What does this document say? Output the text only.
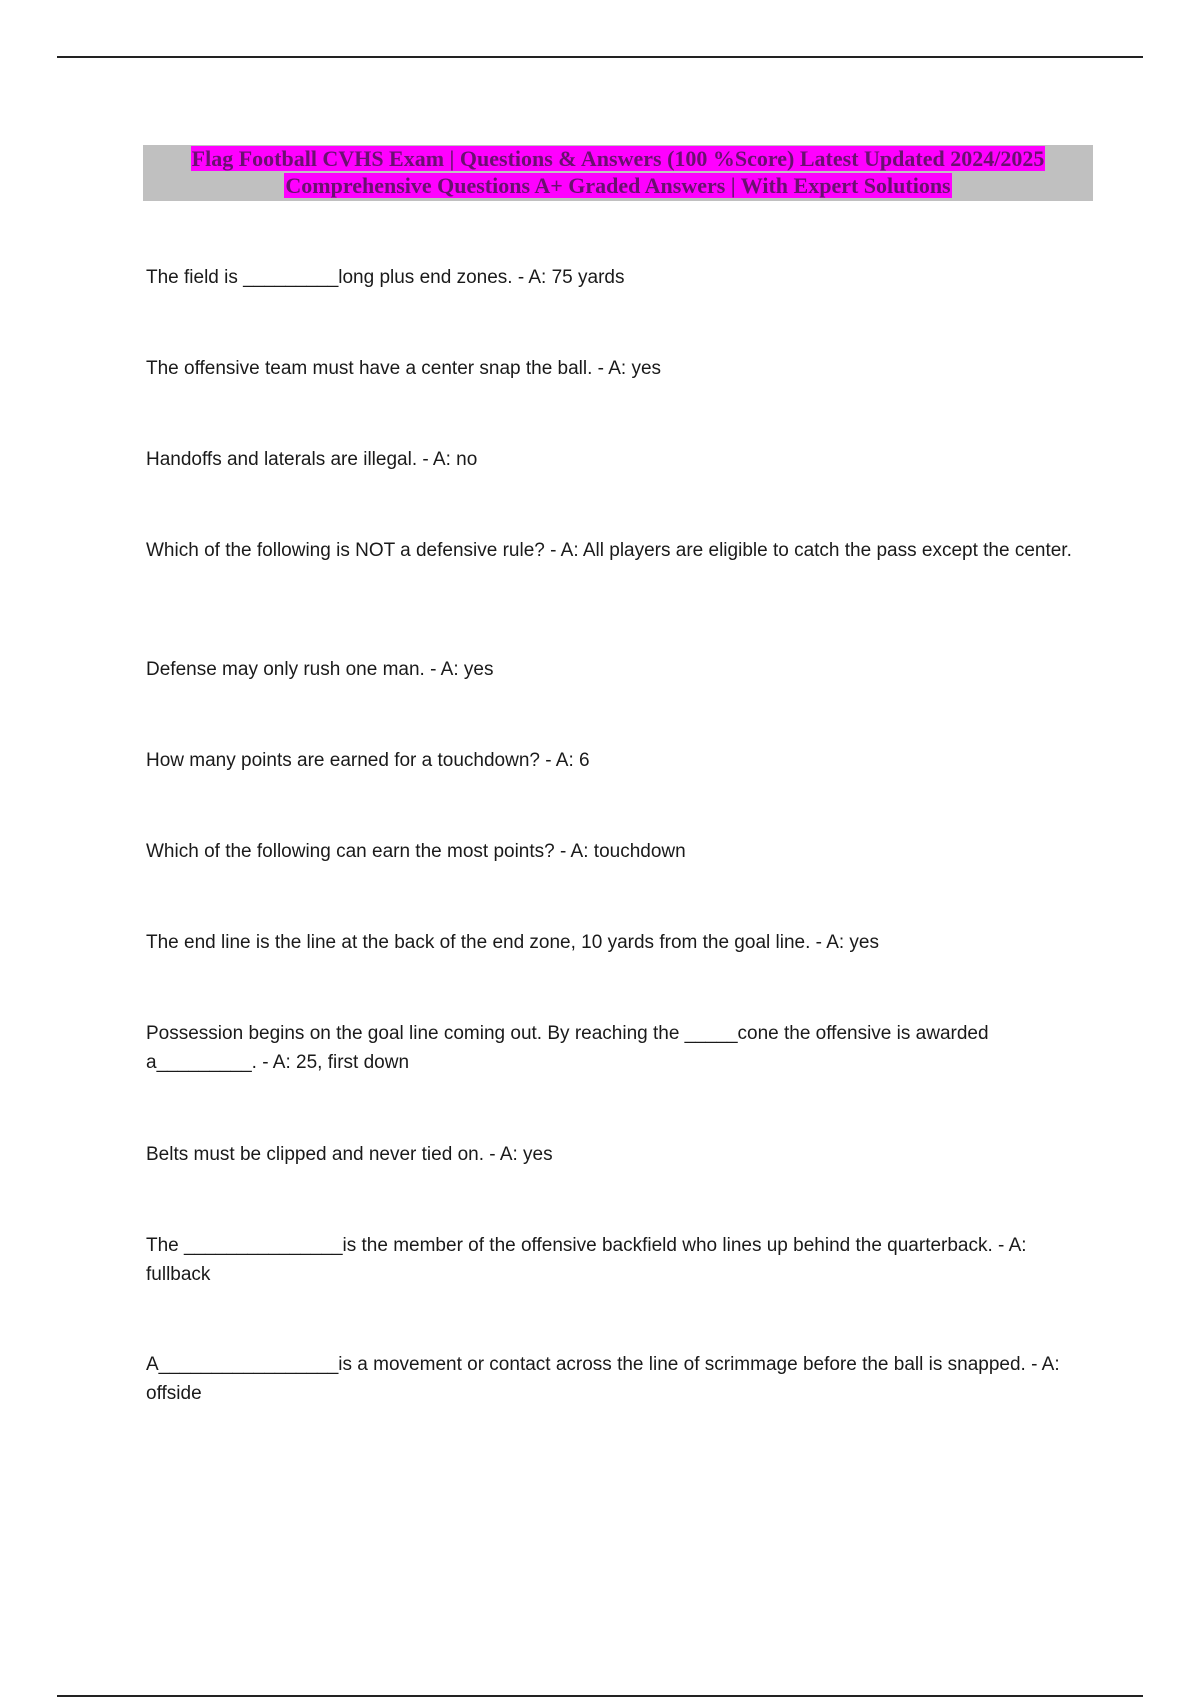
Flag Football CVHS Exam | Questions & Answers (100 %Score) Latest Updated 2024/2025
Comprehensive Questions A+ Graded Answers | With Expert Solutions

The field is _________long plus end zones. - A: 75 yards

The offensive team must have a center snap the ball. - A: yes

Handoffs and laterals are illegal. - A: no

Which of the following is NOT a defensive rule? - A: All players are eligible to catch the pass except the center.

Defense may only rush one man. - A: yes

How many points are earned for a touchdown? - A: 6

Which of the following can earn the most points? - A: touchdown

The end line is the line at the back of the end zone, 10 yards from the goal line. - A: yes

Possession begins on the goal line coming out. By reaching the _____cone the offensive is awarded a_________. - A: 25, first down

Belts must be clipped and never tied on. - A: yes

The _______________is the member of the offensive backfield who lines up behind the quarterback. - A: fullback

A_________________is a movement or contact across the line of scrimmage before the ball is snapped. - A: offside
